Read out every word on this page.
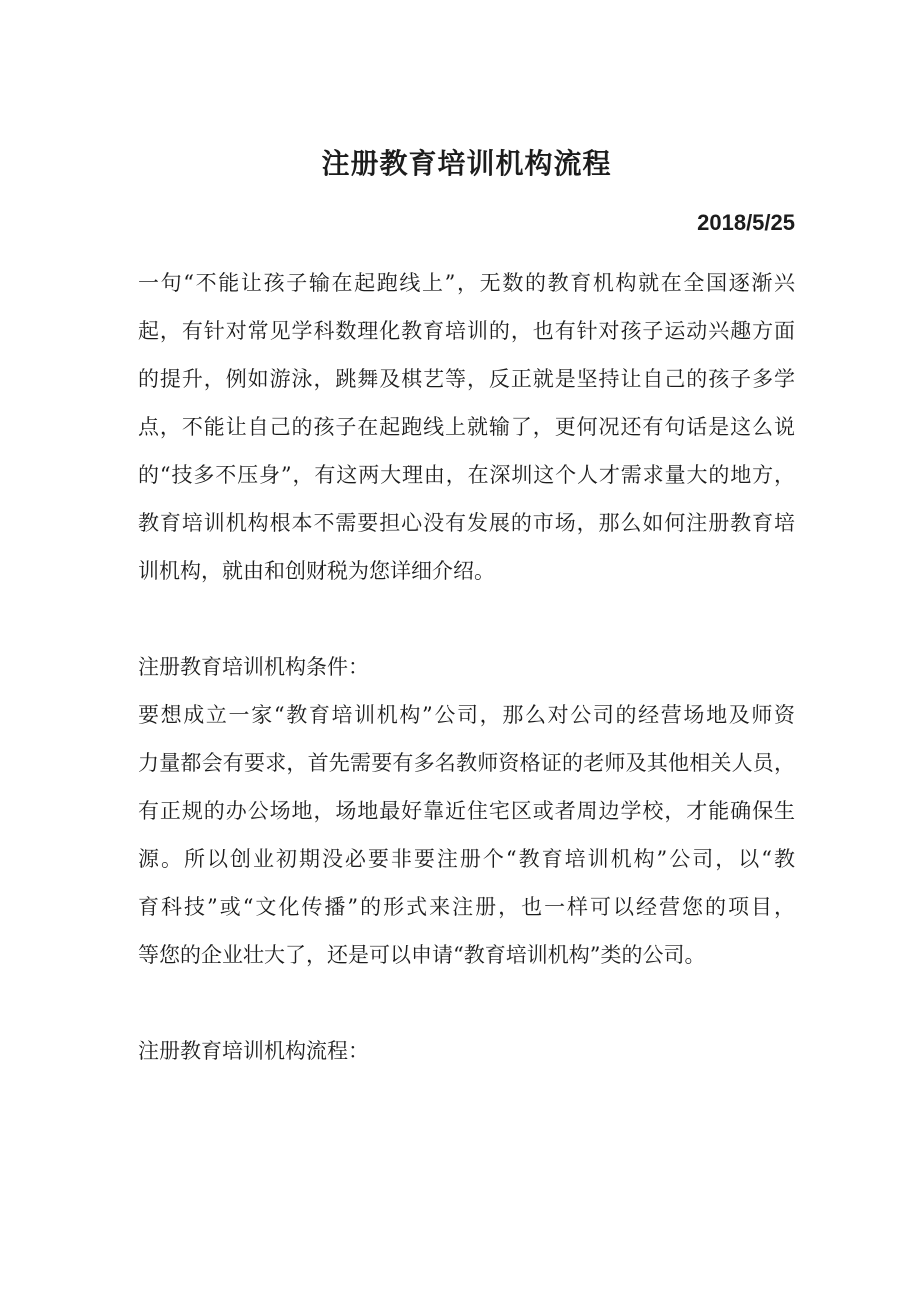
注册教育培训机构流程
2018/5/25
一句“不能让孩子输在起跑线上”，无数的教育机构就在全国逐渐兴
起，有针对常见学科数理化教育培训的，也有针对孩子运动兴趣方面
的提升，例如游泳，跳舞及棋艺等，反正就是坚持让自己的孩子多学
点，不能让自己的孩子在起跑线上就输了，更何况还有句话是这么说
的“技多不压身”，有这两大理由，在深圳这个人才需求量大的地方，
教育培训机构根本不需要担心没有发展的市场，那么如何注册教育培
训机构，就由和创财税为您详细介绍。
注册教育培训机构条件：
要想成立一家“教育培训机构”公司，那么对公司的经营场地及师资
力量都会有要求，首先需要有多名教师资格证的老师及其他相关人员，
有正规的办公场地，场地最好靠近住宅区或者周边学校，才能确保生
源。所以创业初期没必要非要注册个“教育培训机构”公司，以“教
育科技”或“文化传播”的形式来注册，也一样可以经营您的项目，
等您的企业壮大了，还是可以申请“教育培训机构”类的公司。
注册教育培训机构流程：
